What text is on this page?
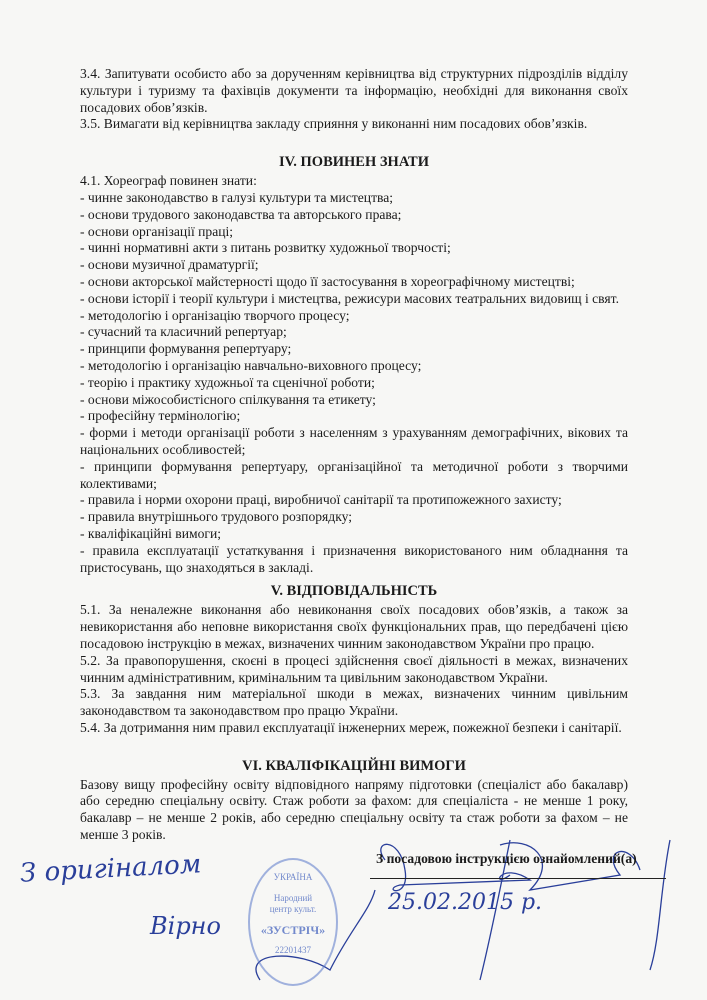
3.4. Запитувати особисто або за дорученням керівництва від структурних підрозділів відділу культури і туризму та фахівців документи та інформацію, необхідні для виконання своїх посадових обов’язків.

3.5. Вимагати від керівництва закладу сприяння у виконанні ним посадових обов’язків.

IV. ПОВИНЕН ЗНАТИ

4.1. Хореограф повинен знати:

- чинне законодавство в галузі культури та мистецтва;

- основи трудового законодавства та авторського права;

- основи організації праці;

- чинні нормативні акти з питань розвитку художньої творчості;

- основи музичної драматургії;

- основи акторської майстерності щодо її застосування в хореографічному мистецтві;

- основи історії і теорії культури і мистецтва, режисури масових театральних видовищ і свят.

- методологію і організацію творчого процесу;

- сучасний та класичний репертуар;

- принципи формування репертуару;

- методологію і організацію навчально-виховного процесу;

- теорію і практику художньої та сценічної роботи;

- основи міжособистісного спілкування та етикету;

- професійну термінологію;

- форми і методи організації роботи з населенням з урахуванням демографічних, вікових та національних особливостей;

- принципи формування репертуару, організаційної та методичної роботи з творчими колективами;

- правила і норми охорони праці, виробничої санітарії та протипожежного захисту;

- правила внутрішнього трудового розпорядку;

- кваліфікаційні вимоги;

- правила експлуатації устаткування і призначення використованого ним обладнання та пристосувань, що знаходяться в закладі.

V. ВІДПОВІДАЛЬНІСТЬ

5.1. За неналежне виконання або невиконання своїх посадових обов’язків, а також за невикористання або неповне використання своїх функціональних прав, що передбачені цією посадовою інструкцію в межах, визначених чинним законодавством України про працю.

5.2. За правопорушення, скоєні в процесі здійснення своєї діяльності в межах, визначених чинним адміністративним, кримінальним та цивільним законодавством України.

5.3. За завдання ним матеріальної шкоди в межах, визначених чинним цивільним законодавством та законодавством про працю України.

5.4. За дотримання ним правил експлуатації інженерних мереж, пожежної безпеки і санітарії.

VI. КВАЛІФІКАЦІЙНІ ВИМОГИ

Базову вищу професійну освіту відповідного напряму підготовки (спеціаліст або бакалавр) або середню спеціальну освіту. Стаж роботи за фахом: для спеціаліста - не менше 1 року, бакалавр – не менше 2 років, або середню спеціальну освіту та стаж роботи за фахом – не менше 3 років.

УКРАЇНА
Народний
центр культ.
«ЗУСТРІЧ»
22201437
З посадовою інструкцією ознайомлений(а)
З оригіналом
Вірно
25.02.2015 р.
